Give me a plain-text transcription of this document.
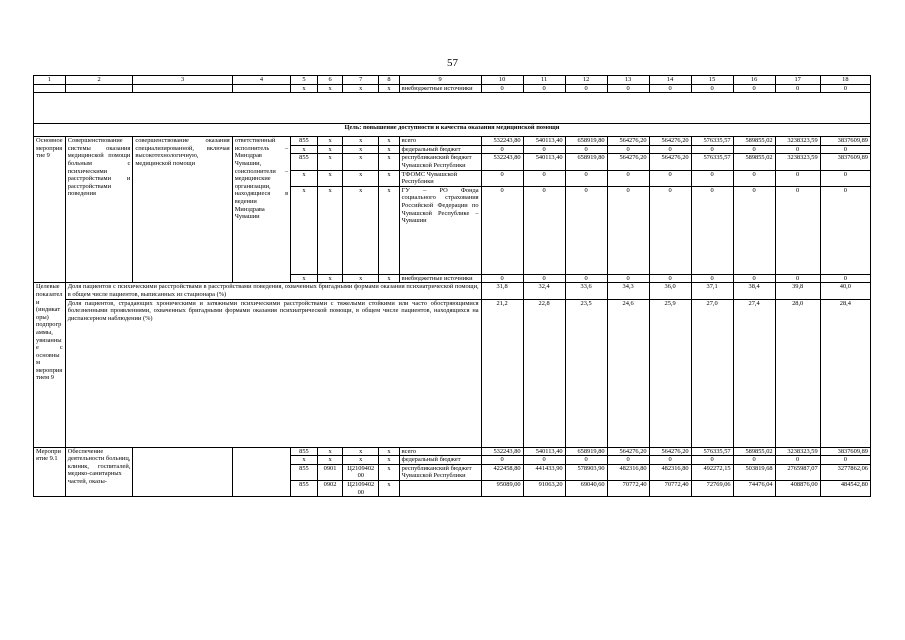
57
1	2	3	4	5	6	7	8	9	10	11	12	13	14	15	16	17	18
				x	x	x	x	внебюджетные источники	0	0	0	0	0	0	0	0	0

Цель: повышение доступности и качества оказания медицинской помощи																	
Основное мероприятие 9	Совершенствование системы оказания медицинской помощи больным с психическими расстройствами и расстройствами поведения	совершенствование оказания специализированной, включая высокотехнологичную, медицинской помощи	ответственный исполнитель – Минздрав Чувашии, соисполнители – медицинские организации, находящиеся в ведении Минздрава Чувашии	855	x	x	x	всего	532243,80	540113,40	658919,80	564276,20	564276,20	576335,57	589855,02	3238323,59	3837609,89
				x	x	x	x	федеральный бюджет	0	0	0	0	0	0	0	0	0
				855	x	x	x	республиканский бюджет Чувашской Республики	532243,80	540113,40	658919,80	564276,20	564276,20	576335,57	589855,02	3238323,59	3837609,89
				x	x	x	x	ТФОМС Чувашской Республики	0	0	0	0	0	0	0	0	0
				x	x	x	x	ГУ – РО Фонда социального страхования Российской Федерации по Чувашской Республике – Чувашии	0	0	0	0	0	0	0	0	0
				x	x	x	x	внебюджетные источники	0	0	0	0	0	0	0	0	0
Целевые показатели (индикаторы) подпрограммы, увязанные с основным мероприятием 9	Доля пациентов с психическими расстройствами в расстройствами поведения, охваченных бригадными формами оказания психиатрической помощи, в общем числе пациентов, выписанных из стационара (%)								31,8	32,4	33,6	34,3	36,0	37,1	38,4	39,8	40,0
	Доля пациентов, страдающих хроническими и затяжными психическими расстройствами с тяжелыми стойкими или часто обостряющимися болезненными проявлениями, охваченных бригадными формами оказания психиатрической помощи, в общем числе пациентов, находящихся на диспансерном наблюдении (%)								21,2	22,8	23,5	24,6	25,9	27,0	27,4	28,0	28,4
Мероприятие 9.1	Обеспечение деятельности больниц, клиник, госпиталей, медико-санитарных частей, оказы-			855	x	x	x	всего	532243,80	540113,40	658919,80	564276,20	564276,20	576335,57	589855,02	3238323,59	3837609,89
				x	x	x	x	федеральный бюджет	0	0	0	0	0	0	0	0	0
				855	0901	Ц2109402 00	x	республиканский бюджет Чувашской Республики	422458,80	441433,90	578903,90	482316,80	482316,80	492272,15	503819,68	2765987,07	3277862,06
				855	0902	Ц2109402 00	x		95089,00	91063,20	69040,60	70772,40	70772,40	72769,06	74476,04	408876,00	484542,80
